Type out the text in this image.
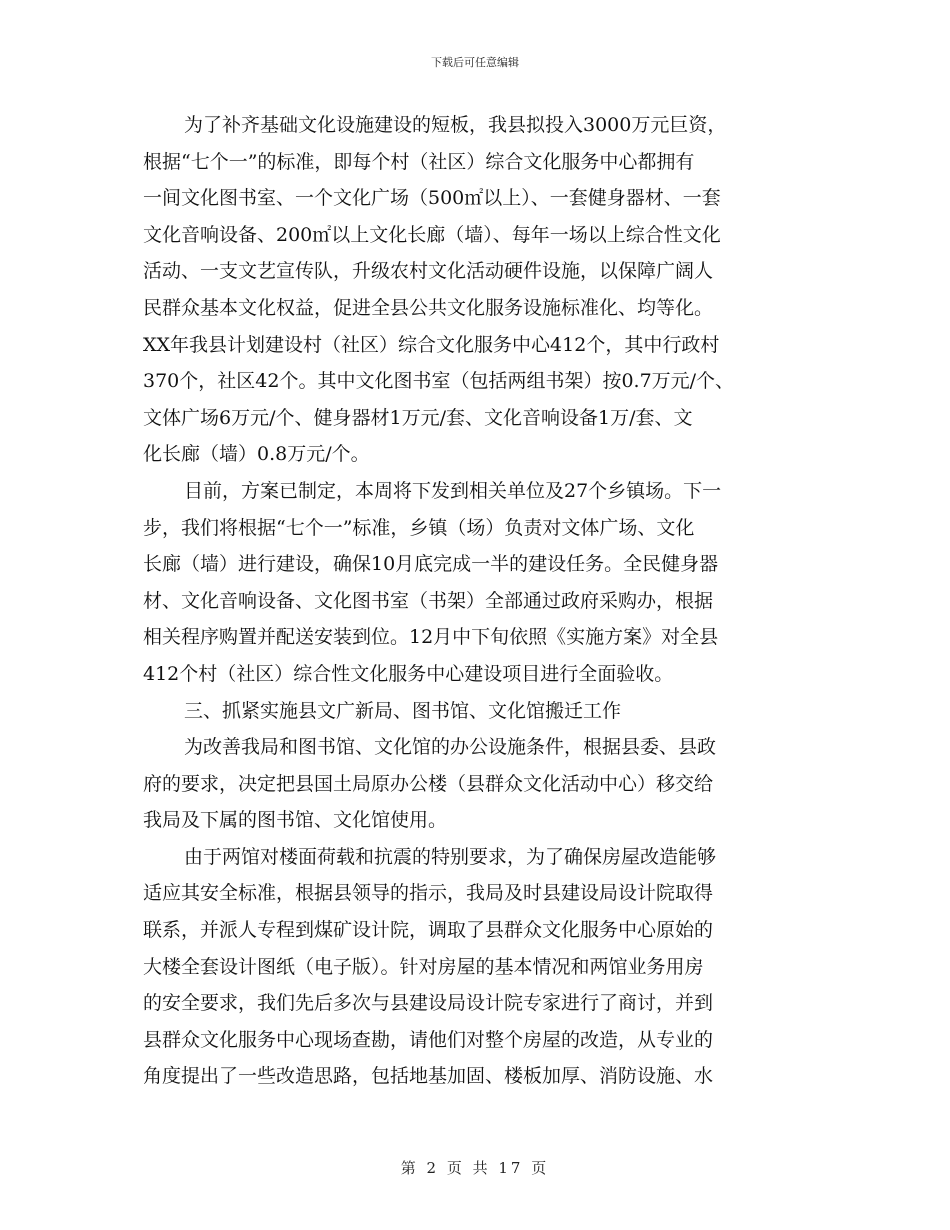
下载后可任意编辑
为了补齐基础文化设施建设的短板，我县拟投入3000万元巨资，
根据“七个一”的标准，即每个村（社区）综合文化服务中心都拥有
一间文化图书室、一个文化广场（500㎡以上）、一套健身器材、一套
文化音响设备、200㎡以上文化长廊（墙）、每年一场以上综合性文化
活动、一支文艺宣传队，升级农村文化活动硬件设施，以保障广阔人
民群众基本文化权益，促进全县公共文化服务设施标准化、均等化。
XX年我县计划建设村（社区）综合文化服务中心412个，其中行政村
370个，社区42个。其中文化图书室（包括两组书架）按0.7万元/个、
文体广场6万元/个、健身器材1万元/套、文化音响设备1万/套、文
化长廊（墙）0.8万元/个。
目前，方案已制定，本周将下发到相关单位及27个乡镇场。下一
步，我们将根据“七个一”标准，乡镇（场）负责对文体广场、文化
长廊（墙）进行建设，确保10月底完成一半的建设任务。全民健身器
材、文化音响设备、文化图书室（书架）全部通过政府采购办，根据
相关程序购置并配送安装到位。12月中下旬依照《实施方案》对全县
412个村（社区）综合性文化服务中心建设项目进行全面验收。
三、抓紧实施县文广新局、图书馆、文化馆搬迁工作
为改善我局和图书馆、文化馆的办公设施条件，根据县委、县政
府的要求，决定把县国土局原办公楼（县群众文化活动中心）移交给
我局及下属的图书馆、文化馆使用。
由于两馆对楼面荷载和抗震的特别要求，为了确保房屋改造能够
适应其安全标准，根据县领导的指示，我局及时县建设局设计院取得
联系，并派人专程到煤矿设计院，调取了县群众文化服务中心原始的
大楼全套设计图纸（电子版）。针对房屋的基本情况和两馆业务用房
的安全要求，我们先后多次与县建设局设计院专家进行了商讨，并到
县群众文化服务中心现场查勘，请他们对整个房屋的改造，从专业的
角度提出了一些改造思路，包括地基加固、楼板加厚、消防设施、水
第 2 页 共 17 页
